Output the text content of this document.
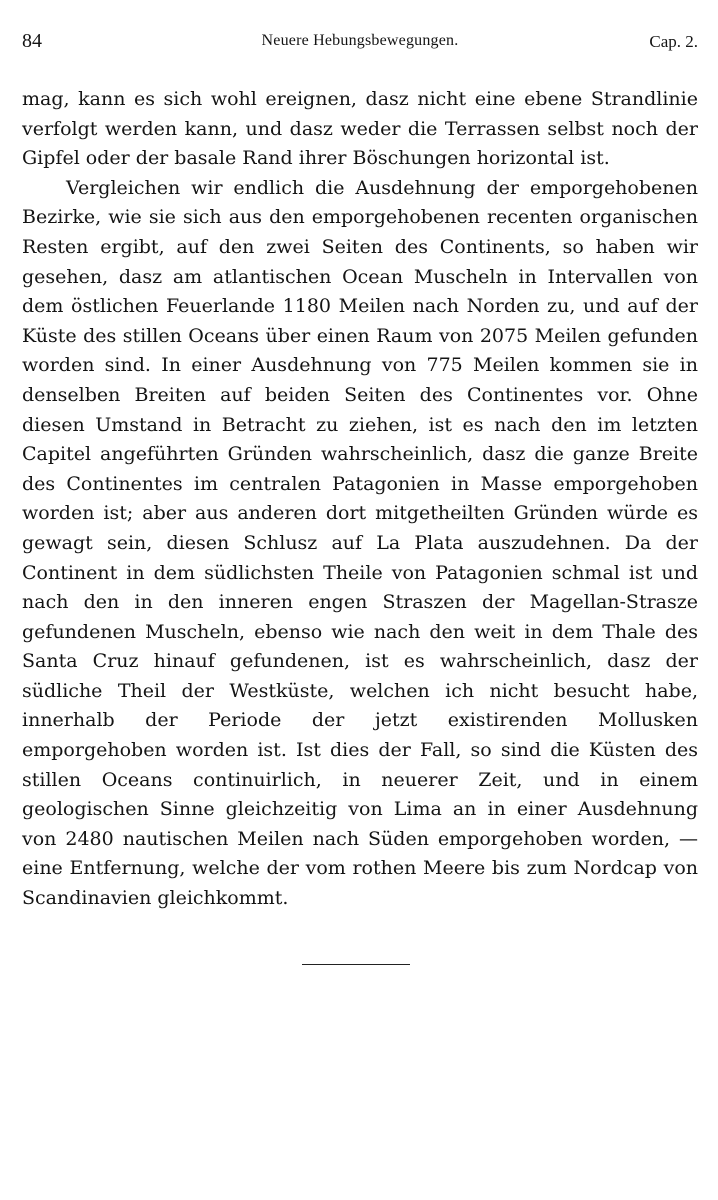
84	Neuere Hebungsbewegungen.	Cap. 2.

mag, kann es sich wohl ereignen, dasz nicht eine ebene Strandlinie verfolgt werden kann, und dasz weder die Terrassen selbst noch der Gipfel oder der basale Rand ihrer Böschungen horizontal ist.

Vergleichen wir endlich die Ausdehnung der emporgehobenen Bezirke, wie sie sich aus den emporgehobenen recenten organischen Resten ergibt, auf den zwei Seiten des Continents, so haben wir gesehen, dasz am atlantischen Ocean Muscheln in Intervallen von dem östlichen Feuerlande 1180 Meilen nach Norden zu, und auf der Küste des stillen Oceans über einen Raum von 2075 Meilen gefunden worden sind. In einer Ausdehnung von 775 Meilen kommen sie in denselben Breiten auf beiden Seiten des Continentes vor. Ohne diesen Umstand in Betracht zu ziehen, ist es nach den im letzten Capitel angeführten Gründen wahrscheinlich, dasz die ganze Breite des Continentes im centralen Patagonien in Masse emporgehoben worden ist; aber aus anderen dort mitgetheilten Gründen würde es gewagt sein, diesen Schlusz auf La Plata auszudehnen. Da der Continent in dem südlichsten Theile von Patagonien schmal ist und nach den in den inneren engen Straszen der Magellan-Strasze gefundenen Muscheln, ebenso wie nach den weit in dem Thale des Santa Cruz hinauf gefundenen, ist es wahrscheinlich, dasz der südliche Theil der Westküste, welchen ich nicht besucht habe, innerhalb der Periode der jetzt existirenden Mollusken emporgehoben worden ist. Ist dies der Fall, so sind die Küsten des stillen Oceans continuirlich, in neuerer Zeit, und in einem geologischen Sinne gleichzeitig von Lima an in einer Ausdehnung von 2480 nautischen Meilen nach Süden emporgehoben worden, — eine Entfernung, welche der vom rothen Meere bis zum Nordcap von Scandinavien gleichkommt.
